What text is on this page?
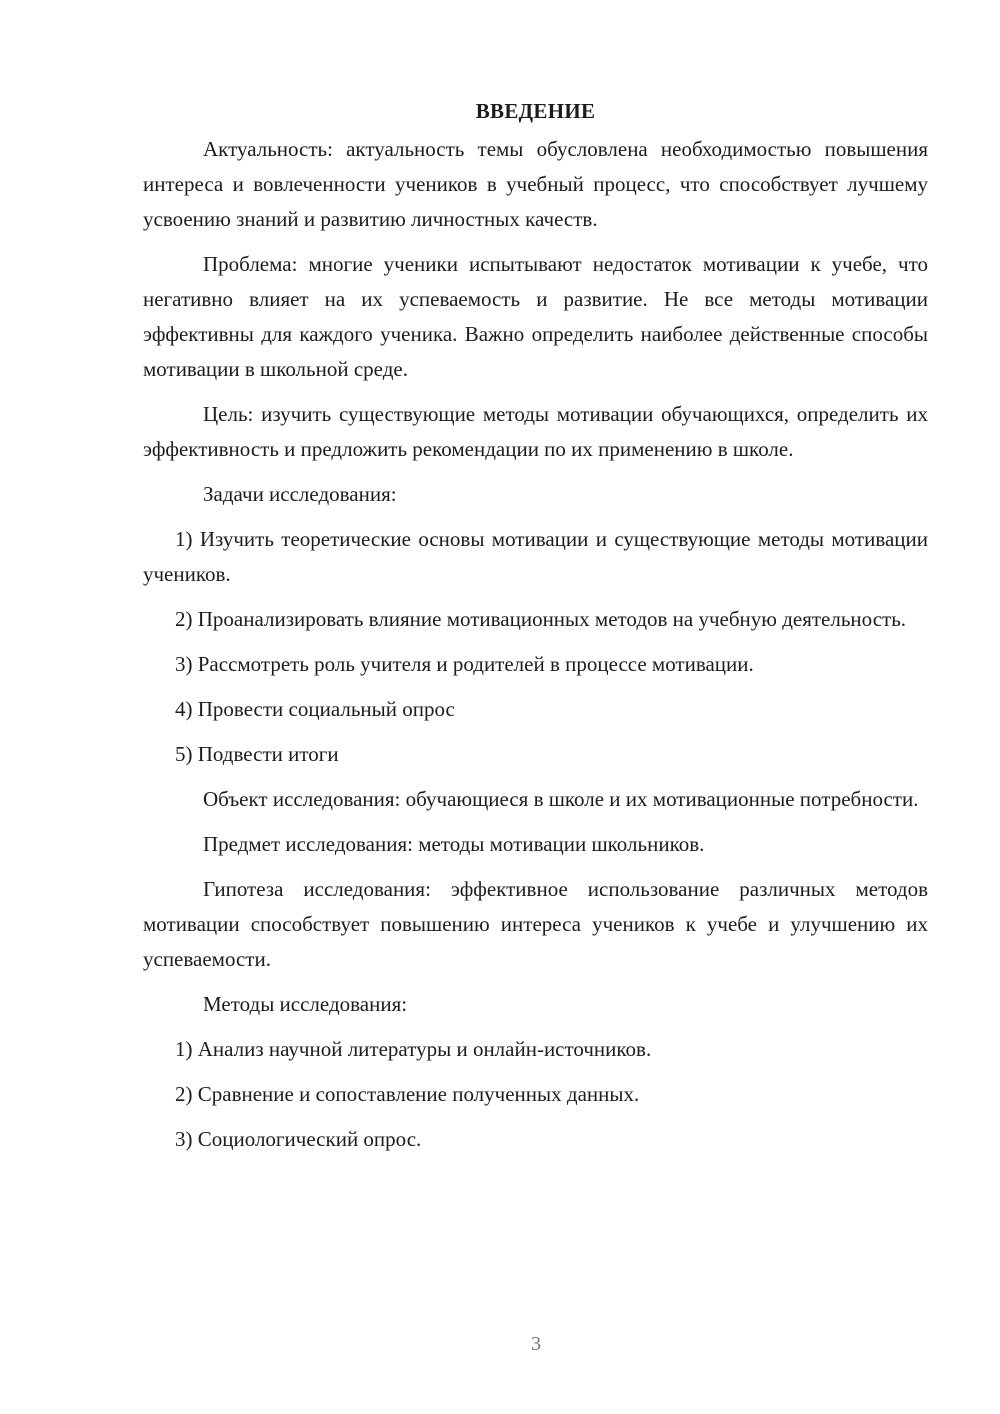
ВВЕДЕНИЕ

Актуальность: актуальность темы обусловлена необходимостью повышения интереса и вовлеченности учеников в учебный процесс, что способствует лучшему усвоению знаний и развитию личностных качеств.

Проблема: многие ученики испытывают недостаток мотивации к учебе, что негативно влияет на их успеваемость и развитие. Не все методы мотивации эффективны для каждого ученика. Важно определить наиболее действенные способы мотивации в школьной среде.

Цель: изучить существующие методы мотивации обучающихся, определить их эффективность и предложить рекомендации по их применению в школе.

Задачи исследования:

1) Изучить теоретические основы мотивации и существующие методы мотивации учеников.

2) Проанализировать влияние мотивационных методов на учебную деятельность.

3) Рассмотреть роль учителя и родителей в процессе мотивации.

4) Провести социальный опрос

5) Подвести итоги

Объект исследования: обучающиеся в школе и их мотивационные потребности.

Предмет исследования: методы мотивации школьников.

Гипотеза исследования: эффективное использование различных методов мотивации способствует повышению интереса учеников к учебе и улучшению их успеваемости.

Методы исследования:

1) Анализ научной литературы и онлайн-источников.

2) Сравнение и сопоставление полученных данных.

3) Социологический опрос.

3
